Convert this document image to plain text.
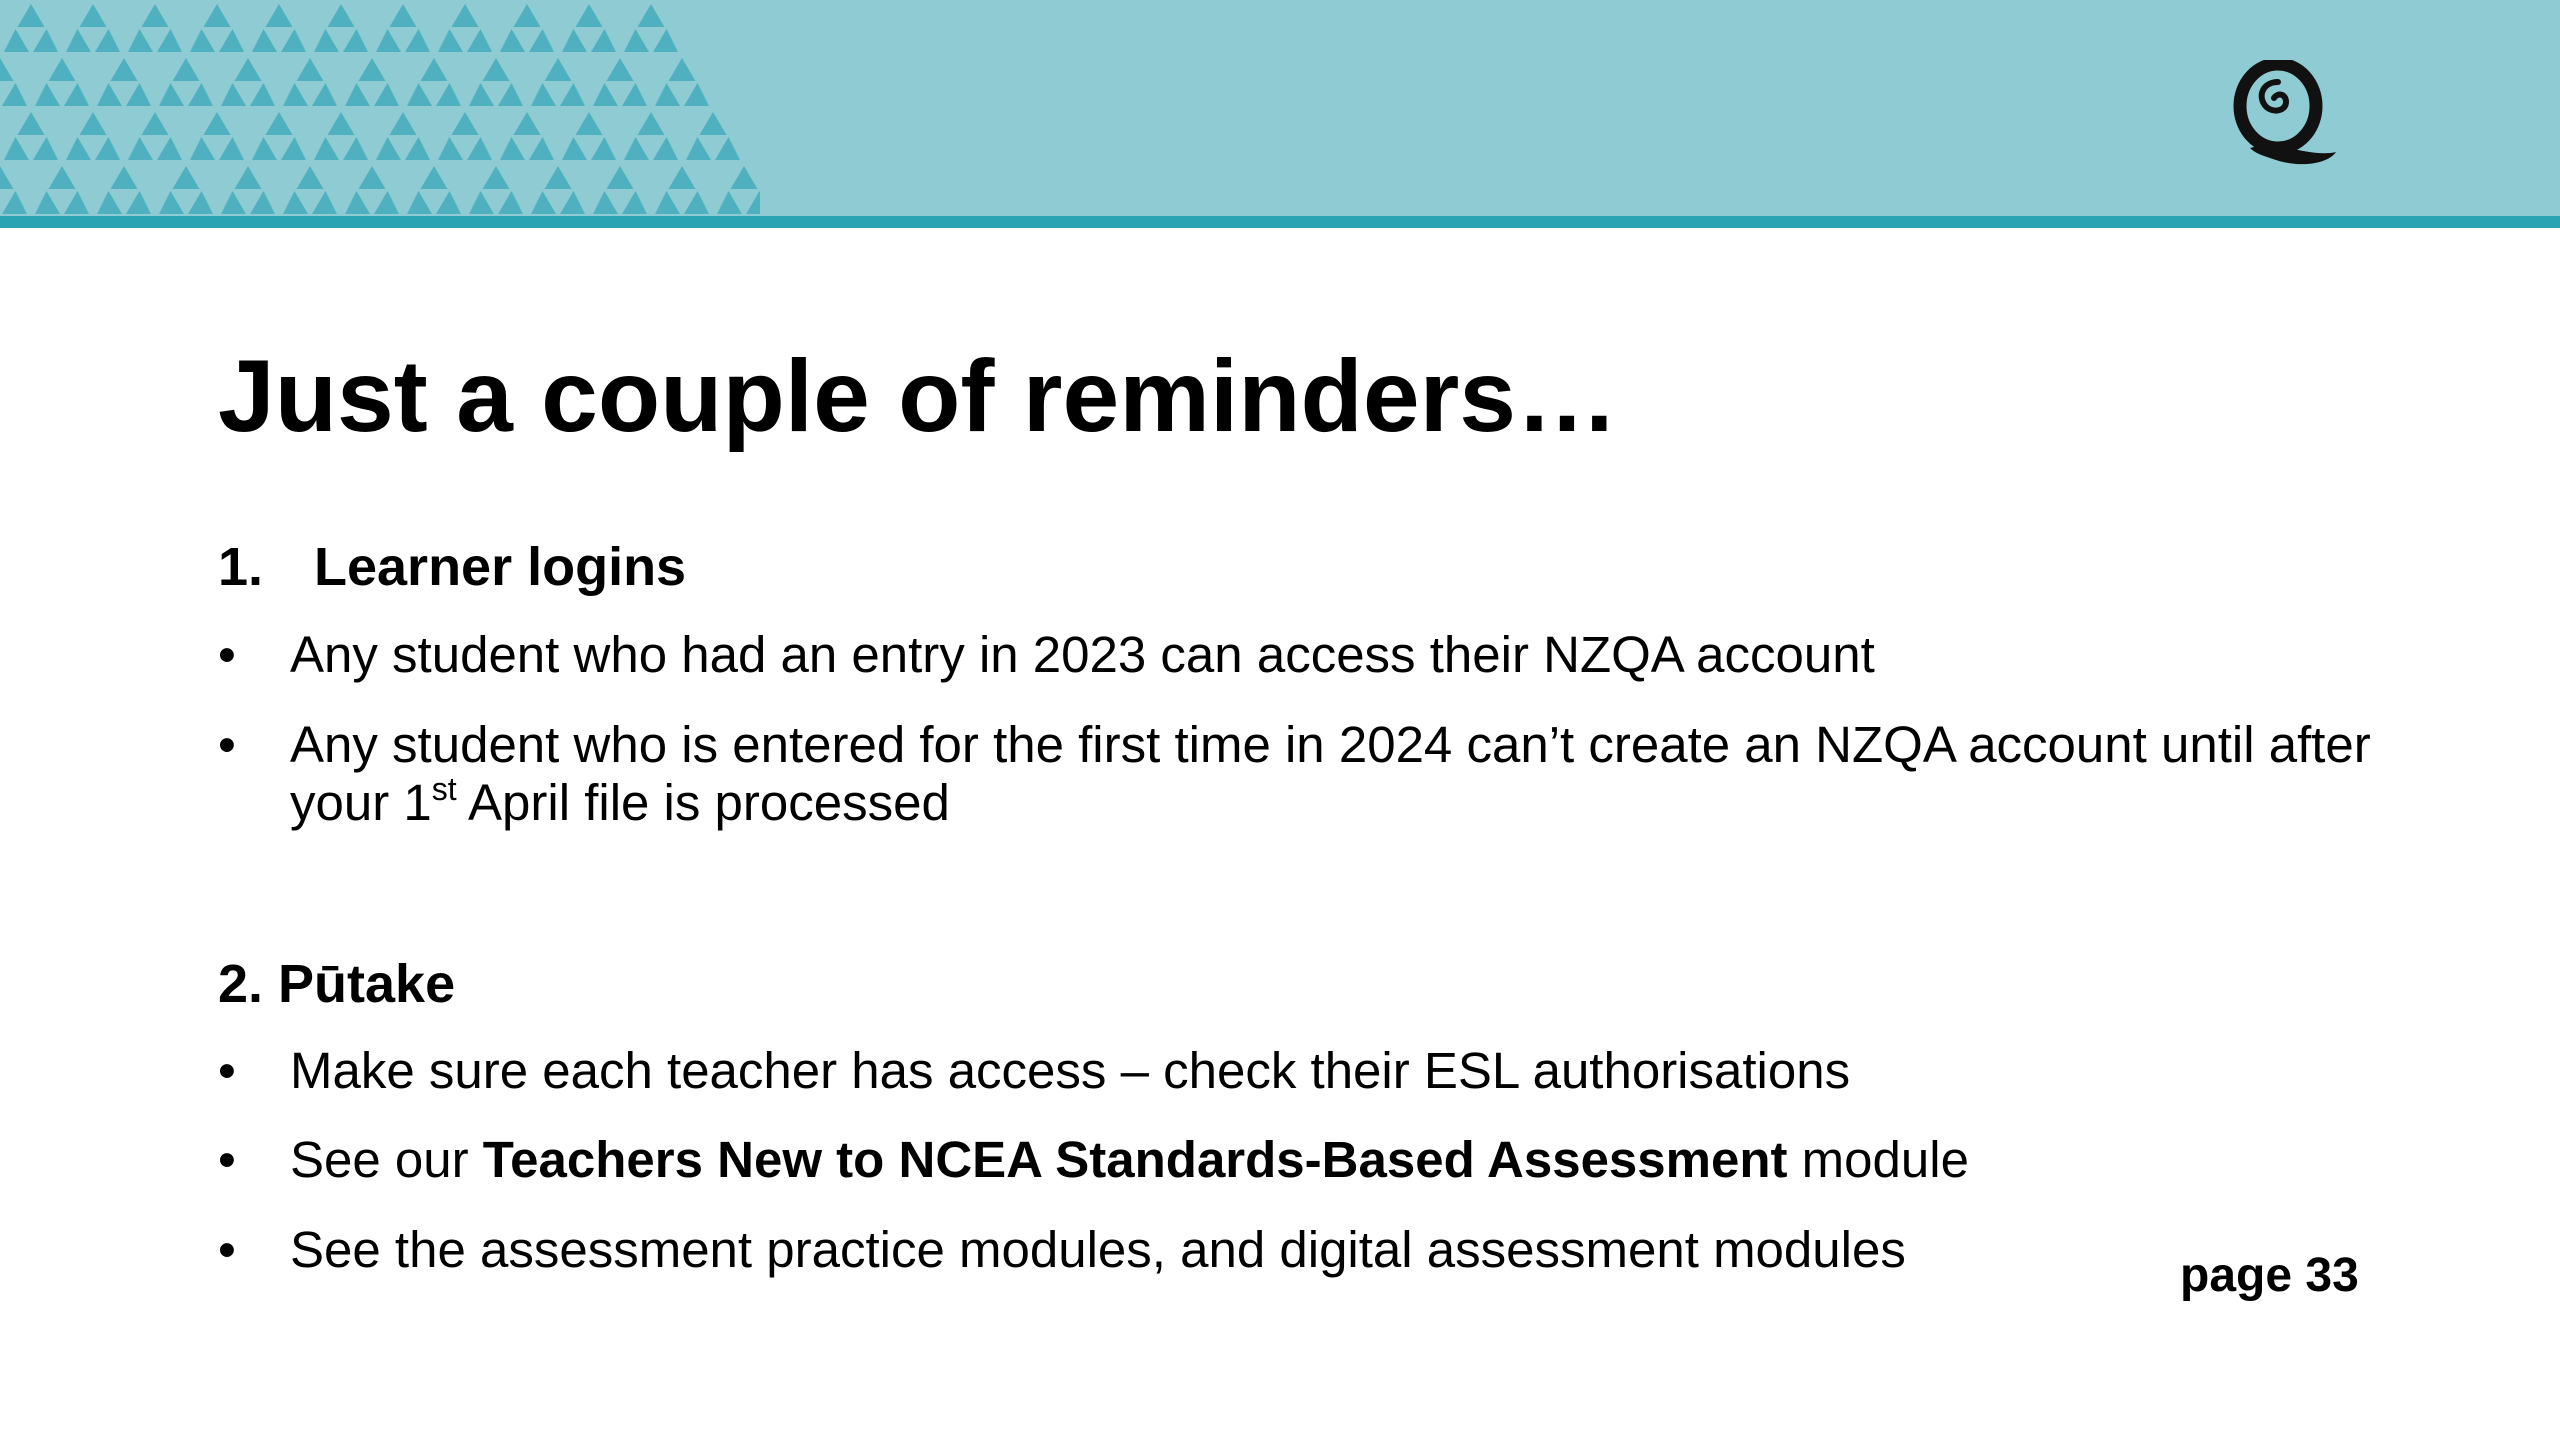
Just a couple of reminders…
1. Learner logins
• Any student who had an entry in 2023 can access their NZQA account
• Any student who is entered for the first time in 2024 can’t create an NZQA account until after your 1st April file is processed
2. Pūtake
• Make sure each teacher has access – check their ESL authorisations
• See our Teachers New to NCEA Standards-Based Assessment module
• See the assessment practice modules, and digital assessment modules	page 33
